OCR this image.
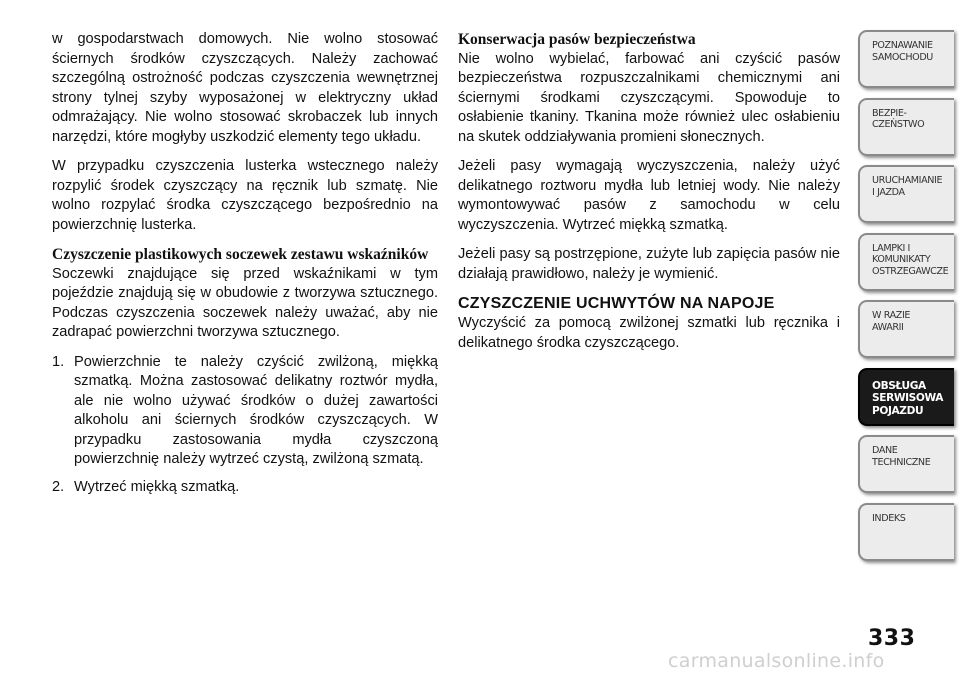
w gospodarstwach domowych. Nie wolno stosować ściernych środków czyszczących. Należy zachować szczególną ostrożność podczas czyszczenia wewnętrznej strony tylnej szyby wyposażonej w elektryczny układ odmrażający. Nie wolno stosować skrobaczek lub innych narzędzi, które mogłyby uszkodzić elementy tego układu.

W przypadku czyszczenia lusterka wstecznego należy rozpylić środek czyszczący na ręcznik lub szmatę. Nie wolno rozpylać środka czyszczącego bezpośrednio na powierzchnię lusterka.

Czyszczenie plastikowych soczewek zestawu wskaźników

Soczewki znajdujące się przed wskaźnikami w tym pojeździe znajdują się w obudowie z tworzywa sztucznego. Podczas czyszczenia soczewek należy uważać, aby nie zadrapać powierzchni tworzywa sztucznego.

1. Powierzchnie te należy czyścić zwilżoną, miękką szmatką. Można zastosować delikatny roztwór mydła, ale nie wolno używać środków o dużej zawartości alkoholu ani ściernych środków czyszczących. W przypadku zastosowania mydła czyszczoną powierzchnię należy wytrzeć czystą, zwilżoną szmatą.
2. Wytrzeć miękką szmatką.
Konserwacja pasów bezpieczeństwa

Nie wolno wybielać, farbować ani czyścić pasów bezpieczeństwa rozpuszczalnikami chemicznymi ani ściernymi środkami czyszczącymi. Spowoduje to osłabienie tkaniny. Tkanina może również ulec osłabieniu na skutek oddziaływania promieni słonecznych.

Jeżeli pasy wymagają wyczyszczenia, należy użyć delikatnego roztworu mydła lub letniej wody. Nie należy wymontowywać pasów z samochodu w celu wyczyszczenia. Wytrzeć miękką szmatką.

Jeżeli pasy są postrzępione, zużyte lub zapięcia pasów nie działają prawidłowo, należy je wymienić.

CZYSZCZENIE UCHWYTÓW NA NAPOJE

Wyczyścić za pomocą zwilżonej szmatki lub ręcznika i delikatnego środka czyszczącego.

POZNAWANIE
SAMOCHODU
BEZPIE-
CZEŃSTWO
URUCHAMIANIE
I JAZDA
LAMPKI I
KOMUNIKATY
OSTRZEGAWCZE
W RAZIE
AWARII
OBSŁUGA
SERWISOWA
POJAZDU
DANE
TECHNICZNE
INDEKS
333
carmanualsonline.info
